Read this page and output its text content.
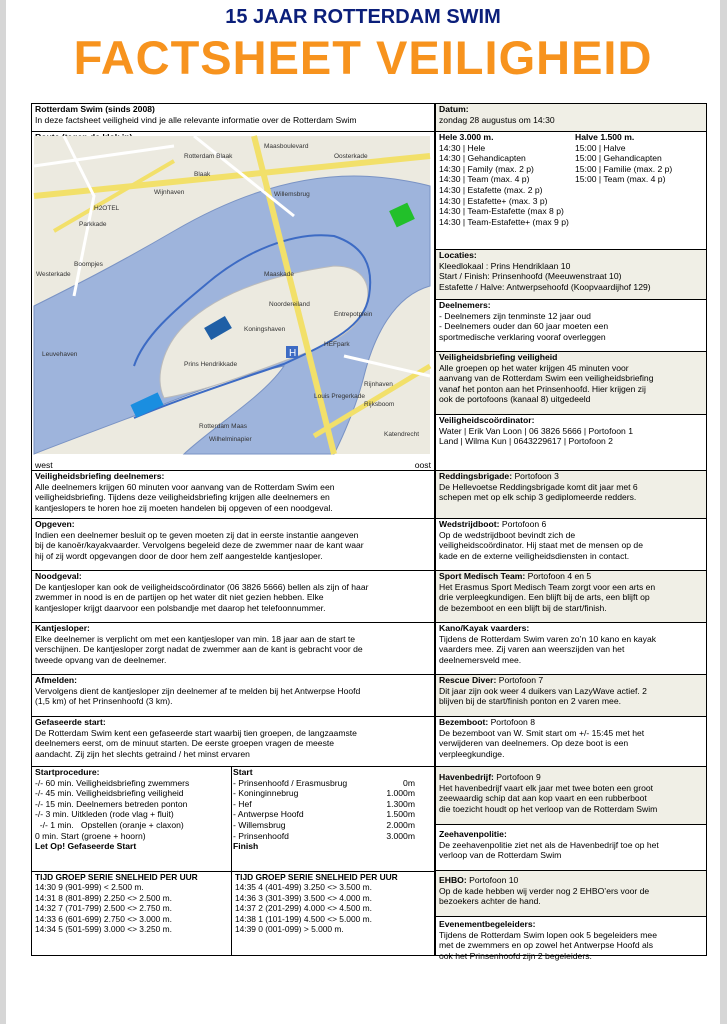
15 JAAR ROTTERDAM SWIM
FACTSHEET VEILIGHEID
Rotterdam Swim (sinds 2008)
In deze factsheet veiligheid vind je alle relevante informatie over de Rotterdam Swim
H
Rotterdam Blaak
Blaak
Wijnhaven
Maasboulevard
Oosterkade
Willemsbrug
Noordereiland
Maaskade
Koningshaven
Prins Hendrikkade
H2OTEL
Parkkade
Westerkade
Boompjes
Leuvehaven
Wilhelminapier
Rotterdam Maas
Entrepotplein
HEFpark
Rijnhaven
Katendrecht
Louis Pregerkade
Rijksboom
west	oost
Veiligheidsbriefing deelnemers:
Alle deelnemers krijgen 60 minuten voor aanvang van de Rotterdam Swim een
veiligheidsbriefing. Tijdens deze veiligheidsbriefing krijgen alle deelnemers en
kantjeslopers te horen hoe zij moeten handelen bij opgeven of een noodgeval.
Opgeven:
Indien een deelnemer besluit op te geven moeten zij dat in eerste instantie aangeven
bij de kanoër/kayakvaarder. Vervolgens begeleid deze de zwemmer naar de kant waar
hij of zij wordt opgevangen door de door hem zelf aangestelde kantjesloper.
Noodgeval:
De kantjesloper kan ook de veiligheidscoördinator (06 3826 5666) bellen als zijn of haar
zwemmer in nood is en de partijen op het water dit niet gezien hebben. Elke
kantjesloper krijgt daarvoor een polsbandje met daarop het telefoonnummer.
Kantjesloper:
Elke deelnemer is verplicht om met een kantjesloper van min. 18 jaar aan de start te
verschijnen. De kantjesloper zorgt nadat de zwemmer aan de kant is gebracht voor de
tweede opvang van de deelnemer.
Afmelden:
Vervolgens dient de kantjesloper zijn deelnemer af te melden bij het Antwerpse Hoofd
(1,5 km) of het Prinsenhoofd (3 km).
Gefaseerde start:
De Rotterdam Swim kent een gefaseerde start waarbij tien groepen, de langzaamste
deelnemers eerst, om de minuut starten. De eerste groepen vragen de meeste
aandacht. Zij zijn het slechts getraind / het minst ervaren
Startprocedure:
-/- 60 min. Veiligheidsbriefing zwemmers
-/- 45 min. Veiligheidsbriefing veiligheid
-/- 15 min. Deelnemers betreden ponton
-/- 3 min. Uitkleden (rode vlag + fluit)
-/- 1 min.   Opstellen (oranje + claxon)
0 min. Start (groene + hoorn)
Let Op! Gefaseerde Start
Start
- Prinsenhoofd / Erasmusbrug	0m
- Koninginnebrug	1.000m
- Hef	1.300m
- Antwerpse Hoofd	1.500m
- Willemsbrug	2.000m
- Prinsenhoofd	3.000m
Finish
TIJD GROEP SERIE SNELHEID PER UUR
14:30 9 (901-999) < 2.500 m.
14:31 8 (801-899) 2.250 <> 2.500 m.
14:32 7 (701-799) 2.500 <> 2.750 m.
14:33 6 (601-699) 2.750 <> 3.000 m.
14:34 5 (501-599) 3.000 <> 3.250 m.
TIJD GROEP SERIE SNELHEID PER UUR
14:35 4 (401-499) 3.250 <> 3.500 m.
14:36 3 (301-399) 3.500 <> 4.000 m.
14:37 2 (201-299) 4.000 <> 4.500 m.
14:38 1 (101-199) 4.500 <> 5.000 m.
14:39 0 (001-099) > 5.000 m.
Datum:
zondag 28 augustus om 14:30
Hele 3.000 m.
14:30 | Hele
14:30 | Gehandicapten
14:30 | Family (max. 2 p)
14:30 | Team (max. 4 p)
14:30 | Estafette (max. 2 p)
14:30 | Estafette+ (max. 3 p)
14:30 | Team-Estafette (max 8 p)
14:30 | Team-Estafette+ (max 9 p)
Halve 1.500 m.
15:00 | Halve
15:00 | Gehandicapten
15:00 | Familie (max. 2 p)
15:00 | Team (max. 4 p)
Locaties:
Kleedlokaal : Prins Hendriklaan 10
Start / Finish: Prinsenhoofd (Meeuwenstraat 10)
Estafette / Halve: Antwerpsehoofd (Koopvaardijhof 129)
Deelnemers:
- Deelnemers zijn tenminste 12 jaar oud
- Deelnemers ouder dan 60 jaar moeten een
sportmedische verklaring vooraf overleggen
Veiligheidsbriefing veiligheid
Alle groepen op het water krijgen 45 minuten voor
aanvang van de Rotterdam Swim een veiligheidsbriefing
vanaf het ponton aan het Prinsenhoofd. Hier krijgen zij
ook de portofoons (kanaal 8) uitgedeeld
Veiligheidscoördinator:
Water | Erik Van Loon | 06 3826 5666 | Portofoon 1
Land | Wilma Kun | 0643229617 | Portofoon 2
Reddingsbrigade: Portofoon 3
De Hellevoetse Reddingsbrigade komt dit jaar met 6
schepen met op elk schip 3 gediplomeerde redders.
Wedstrijdboot: Portofoon 6
Op de wedstrijdboot bevindt zich de
veiligheidscoördinator. Hij staat met de mensen op de
kade en de externe veiligheidsdiensten in contact.
Sport Medisch Team: Portofoon 4 en 5
Het Erasmus Sport Medisch Team zorgt voor een arts en
drie verpleegkundigen. Een blijft bij de arts, een blijft op
de bezemboot en een blijft bij de start/finish.
Kano/Kayak vaarders:
Tijdens de Rotterdam Swim varen zo’n 10 kano en kayak
vaarders mee. Zij varen aan weerszijden van het
deelnemersveld mee.
Rescue Diver: Portofoon 7
Dit jaar zijn ook weer 4 duikers van LazyWave actief. 2
blijven bij de start/finish ponton en 2 varen mee.
Bezemboot: Portofoon 8
De bezemboot van W. Smit start om +/- 15:45 met het
verwijderen van deelnemers. Op deze boot is een
verpleegkundige.
Havenbedrijf: Portofoon 9
Het havenbedrijf vaart elk jaar met twee boten een groot
zeewaardig schip dat aan kop vaart en een rubberboot
die toezicht houdt op het verloop van de Rotterdam Swim
Zeehavenpolitie:
De zeehavenpolitie ziet net als de Havenbedrijf toe op het
verloop van de Rotterdam Swim
EHBO: Portofoon 10
Op de kade hebben wij verder nog 2 EHBO’ers voor de
bezoekers achter de hand.
Evenementbegeleiders:
Tijdens de Rotterdam Swim lopen ook 5 begeleiders mee
met de zwemmers en op zowel het Antwerpse Hoofd als
ook het Prinsenhoofd zijn 2 begeleiders.
